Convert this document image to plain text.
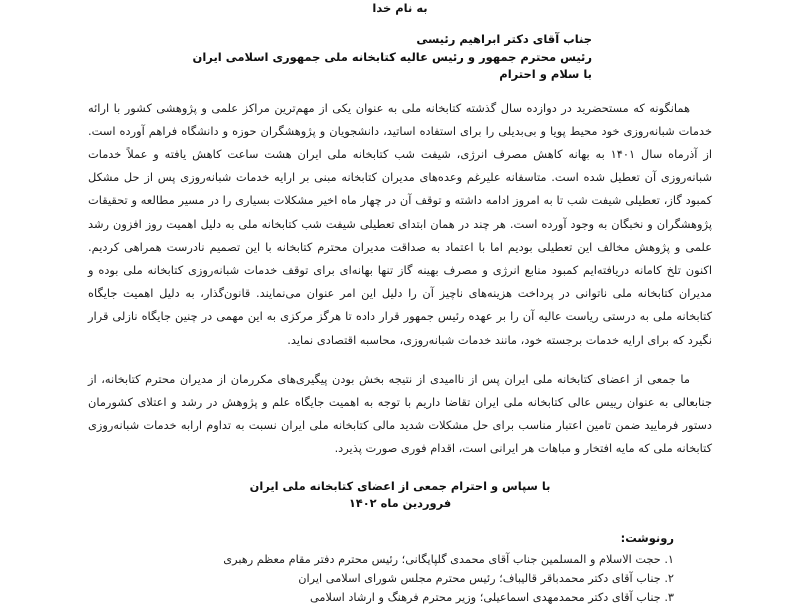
به نام خدا
جناب آقای دکتر ابراهیم رئیسی
رئیس محترم جمهور و رئیس عالیه کتابخانه ملی جمهوری اسلامی ایران
با سلام و احترام

همانگونه که مستحضرید در دوازده سال گذشته کتابخانه ملی به عنوان یکی از مهم‌ترین مراکز علمی و پژوهشی کشور با ارائه خدمات شبانه‌روزی خود محیط پویا و بی‌بدیلی را برای استفاده اساتید، دانشجویان و پژوهشگران حوزه و دانشگاه فراهم آورده است. از آذرماه سال ۱۴۰۱ به بهانه کاهش مصرف انرژی، شیفت شب کتابخانه ملی ایران هشت ساعت کاهش یافته و عملاً خدمات شبانه‌روزی آن تعطیل شده است. متاسفانه علیرغم وعده‌های مدیران کتابخانه مبنی بر ارایه خدمات شبانه‌روزی پس از حل مشکل کمبود گاز، تعطیلی شیفت شب تا به امروز ادامه داشته و توقف آن در چهار ماه اخیر مشکلات بسیاری را در مسیر مطالعه و تحقیقات پژوهشگران و نخبگان به وجود آورده است. هر چند در همان ابتدای تعطیلی شیفت شب کتابخانه ملی به دلیل اهمیت روز افزون رشد علمی و پژوهش مخالف این تعطیلی بودیم اما با اعتماد به صداقت مدیران محترم کتابخانه با این تصمیم نادرست همراهی کردیم. اکنون تلخ کامانه دریافته‌ایم کمبود منابع انرژی و مصرف بهینه گاز تنها بهانه‌ای برای توقف خدمات شبانه‌روزی کتابخانه ملی بوده و مدیران کتابخانه ملی ناتوانی در پرداخت هزینه‌های ناچیز آن را دلیل این امر عنوان می‌نمایند. قانون‌گذار، به دلیل اهمیت جایگاه کتابخانه ملی به درستی ریاست عالیه آن را بر عهده رئیس جمهور قرار داده تا هرگز مرکزی به این مهمی در چنین جایگاه نازلی قرار نگیرد که برای ارایه خدمات برجسته خود، مانند خدمات شبانه‌روزی، محاسبه اقتصادی نماید.

ما جمعی از اعضای کتابخانه ملی ایران پس از ناامیدی از نتیجه بخش بودن پیگیری‌های مکررمان از مدیران محترم کتابخانه، از جنابعالی به عنوان رییس عالی کتابخانه ملی ایران تقاضا داریم با توجه به اهمیت جایگاه علم و پژوهش در رشد و اعتلای کشورمان دستور فرمایید ضمن تامین اعتبار مناسب برای حل مشکلات شدید مالی کتابخانه ملی ایران نسبت به تداوم ارابه خدمات شبانه‌روزی کتابخانه ملی که مایه افتخار و مباهات هر ایرانی است، اقدام فوری صورت پذیرد.

با سپاس و احترام جمعی از اعضای کتابخانه ملی ایران
فروردین ماه ۱۴۰۲
رونوشت:
۱. حجت الاسلام و المسلمین جناب آقای محمدی گلپایگانی؛ رئیس محترم دفتر مقام معظم رهبری
۲. جناب آقای دکتر محمدباقر قالیباف؛ رئیس محترم مجلس شورای اسلامی ایران
۳. جناب آقای دکتر محمدمهدی اسماعیلی؛ وزیر محترم فرهنگ و ارشاد اسلامی
